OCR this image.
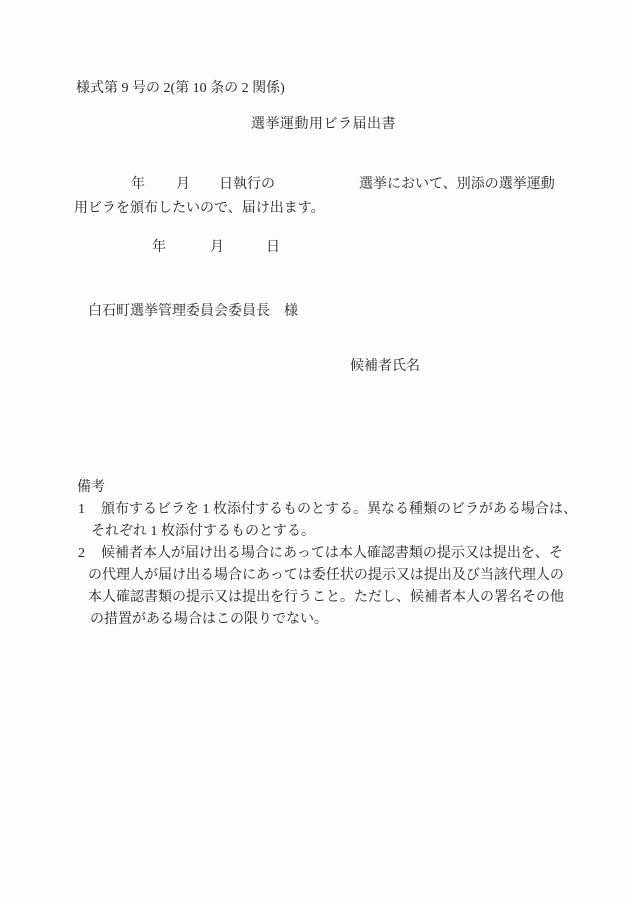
様式第 9 号の 2(第 10 条の 2 関係)
選挙運動用ビラ届出書
年 月 日執行の	選挙において、別添の選挙運動
用ビラを頒布したいので、届け出ます。
年	月	日
白石町選挙管理委員会委員長　様
候補者氏名
備考
1 頒布するビラを 1 枚添付するものとする。異なる種類のビラがある場合は、
それぞれ 1 枚添付するものとする。
2 候補者本人が届け出る場合にあっては本人確認書類の提示又は提出を、そ
の代理人が届け出る場合にあっては委任状の提示又は提出及び当該代理人の
本人確認書類の提示又は提出を行うこと。ただし、候補者本人の署名その他
の措置がある場合はこの限りでない。
